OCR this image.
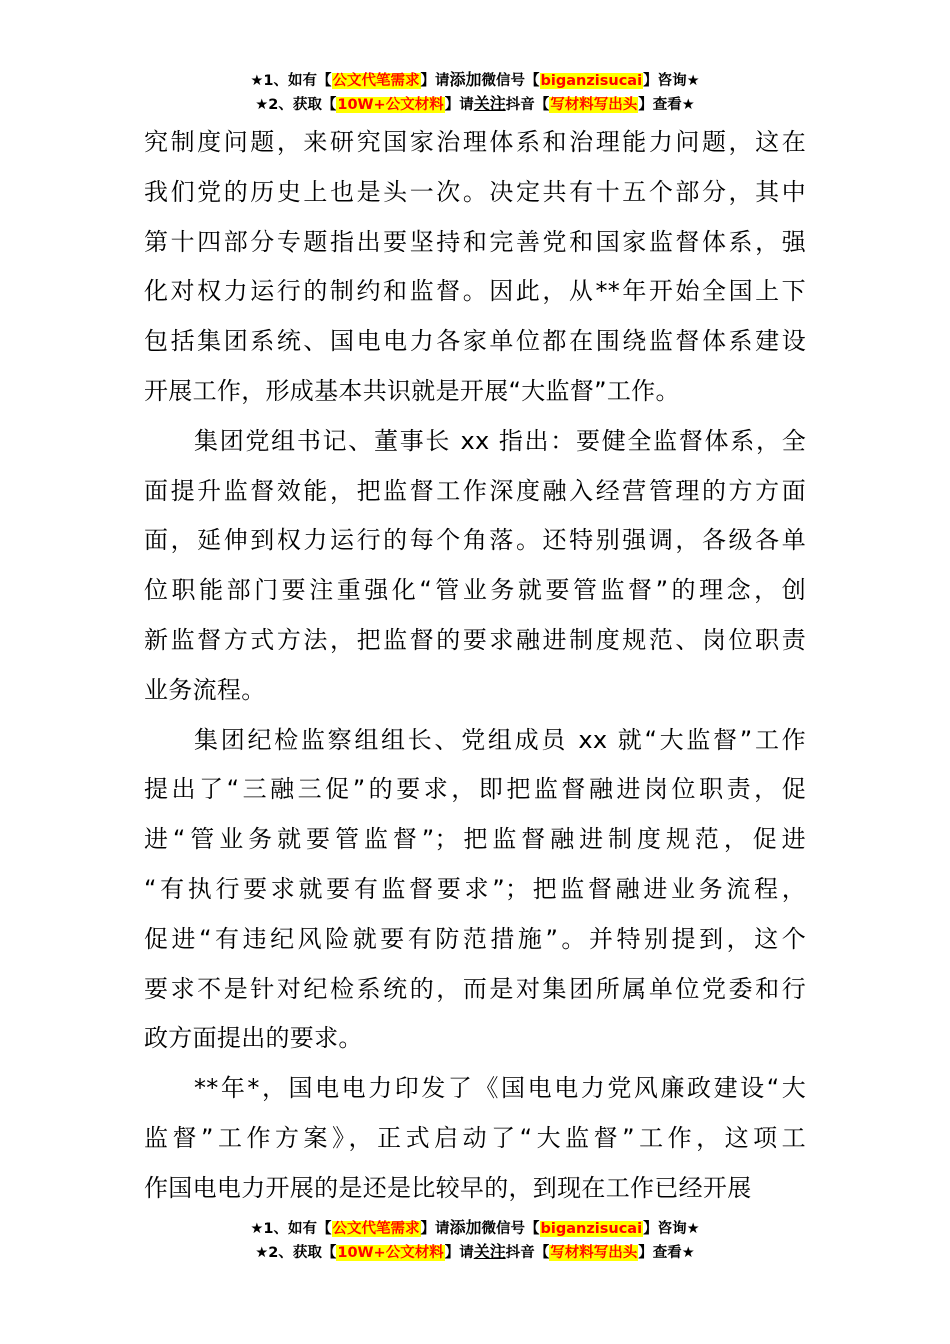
★1、如有【公文代笔需求】请添加微信号【biganzisucai】咨询★
★2、获取【10W+公文材料】请关注抖音【写材料写出头】查看★
究制度问题，来研究国家治理体系和治理能力问题，这在
我们党的历史上也是头一次。决定共有十五个部分，其中
第十四部分专题指出要坚持和完善党和国家监督体系，强
化对权力运行的制约和监督。因此，从**年开始全国上下
包括集团系统、国电电力各家单位都在围绕监督体系建设
开展工作，形成基本共识就是开展“大监督”工作。
集团党组书记、董事长 xx 指出：要健全监督体系，全
面提升监督效能，把监督工作深度融入经营管理的方方面
面，延伸到权力运行的每个角落。还特别强调，各级各单
位职能部门要注重强化“管业务就要管监督”的理念，创
新监督方式方法，把监督的要求融进制度规范、岗位职责
业务流程。
集团纪检监察组组长、党组成员 xx 就“大监督”工作
提出了“三融三促”的要求，即把监督融进岗位职责，促
进“管业务就要管监督”；把监督融进制度规范，促进
“有执行要求就要有监督要求”；把监督融进业务流程，
促进“有违纪风险就要有防范措施”。并特别提到，这个
要求不是针对纪检系统的，而是对集团所属单位党委和行
政方面提出的要求。
**年*，国电电力印发了《国电电力党风廉政建设“大
监督”工作方案》，正式启动了“大监督”工作，这项工
作国电电力开展的是还是比较早的，到现在工作已经开展
★1、如有【公文代笔需求】请添加微信号【biganzisucai】咨询★
★2、获取【10W+公文材料】请关注抖音【写材料写出头】查看★
